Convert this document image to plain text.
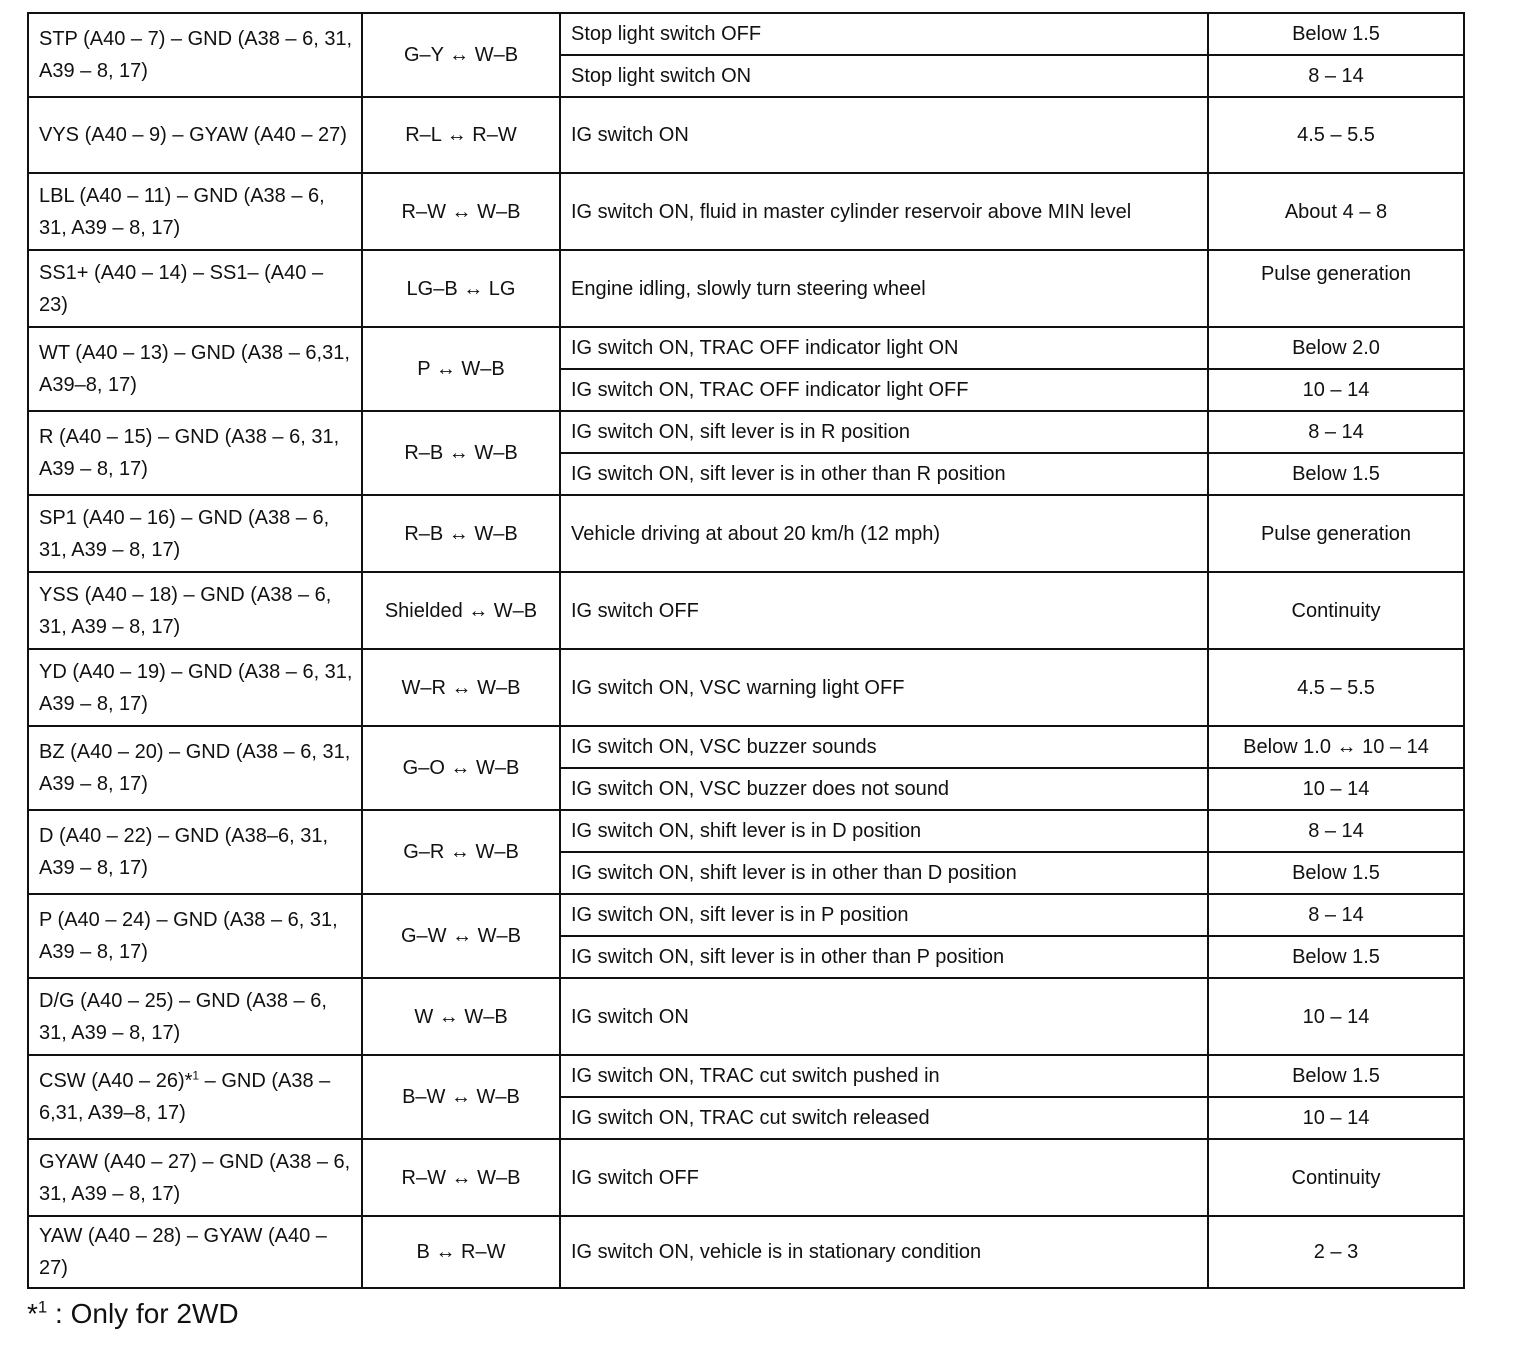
STP (A40 – 7) – GND (A38 – 6, 31, A39 – 8, 17)	G–Y ↔ W–B	Stop light switch OFF	Below 1.5
		Stop light switch ON	8 – 14
VYS (A40 – 9) – GYAW (A40 – 27)	R–L ↔ R–W	IG switch ON	4.5 – 5.5
LBL (A40 – 11) – GND (A38 – 6, 31, A39 – 8, 17)	R–W ↔ W–B	IG switch ON, fluid in master cylinder reservoir above MIN level	About 4 – 8
SS1+ (A40 – 14) – SS1– (A40 – 23)	LG–B ↔ LG	Engine idling, slowly turn steering wheel	Pulse generation
WT (A40 – 13) – GND (A38 – 6,31, A39–8, 17)	P ↔ W–B	IG switch ON, TRAC OFF indicator light ON	Below 2.0
		IG switch ON, TRAC OFF indicator light OFF	10 – 14
R (A40 – 15) – GND (A38 – 6, 31, A39 – 8, 17)	R–B ↔ W–B	IG switch ON, sift lever is in R position	8 – 14
		IG switch ON, sift lever is in other than R position	Below 1.5
SP1 (A40 – 16) – GND (A38 – 6, 31, A39 – 8, 17)	R–B ↔ W–B	Vehicle driving at about 20 km/h (12 mph)	Pulse generation
YSS (A40 – 18) – GND (A38 – 6, 31, A39 – 8, 17)	Shielded ↔ W–B	IG switch OFF	Continuity
YD (A40 – 19) – GND (A38 – 6, 31, A39 – 8, 17)	W–R ↔ W–B	IG switch ON, VSC warning light OFF	4.5 – 5.5
BZ (A40 – 20) – GND (A38 – 6, 31, A39 – 8, 17)	G–O ↔ W–B	IG switch ON, VSC buzzer sounds	Below 1.0 ↔ 10 – 14
		IG switch ON, VSC buzzer does not sound	10 – 14
D (A40 – 22) – GND (A38–6, 31, A39 – 8, 17)	G–R ↔ W–B	IG switch ON, shift lever is in D position	8 – 14
		IG switch ON, shift lever is in other than D position	Below 1.5
P (A40 – 24) – GND (A38 – 6, 31, A39 – 8, 17)	G–W ↔ W–B	IG switch ON, sift lever is in P position	8 – 14
		IG switch ON, sift lever is in other than P position	Below 1.5
D/G (A40 – 25) – GND (A38 – 6, 31, A39 – 8, 17)	W ↔ W–B	IG switch ON	10 – 14
CSW (A40 – 26)*$^1$ – GND (A38 – 6,31, A39–8, 17)	B–W ↔ W–B	IG switch ON, TRAC cut switch pushed in	Below 1.5
		IG switch ON, TRAC cut switch released	10 – 14
GYAW (A40 – 27) – GND (A38 – 6, 31, A39 – 8, 17)	R–W ↔ W–B	IG switch OFF	Continuity
YAW (A40 – 28) – GYAW (A40 – 27)	B ↔ R–W	IG switch ON, vehicle is in stationary condition	2 – 3
*$^1$ : Only for 2WD
